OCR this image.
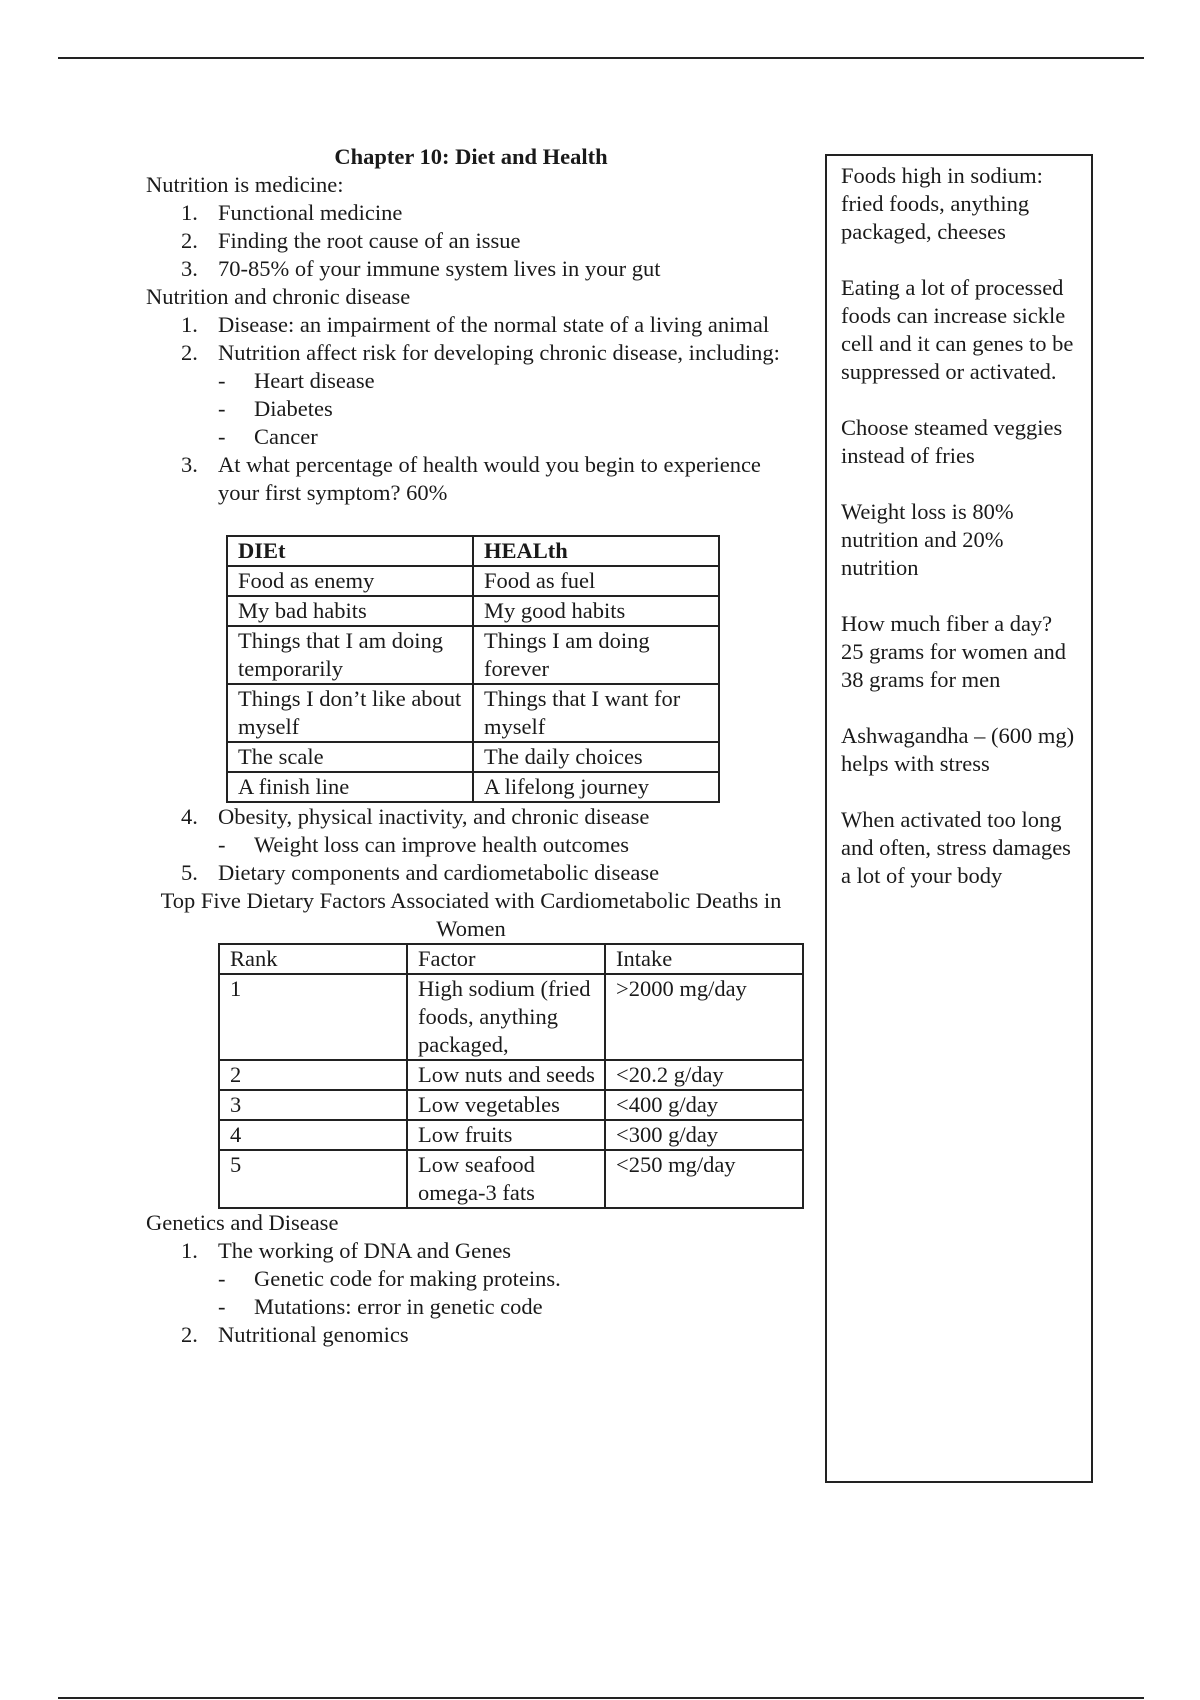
Chapter 10: Diet and Health
Nutrition is medicine:
1. Functional medicine
2. Finding the root cause of an issue
3. 70-85% of your immune system lives in your gut
Nutrition and chronic disease
1. Disease: an impairment of the normal state of a living animal
2. Nutrition affect risk for developing chronic disease, including:
- Heart disease
- Diabetes
- Cancer
3. At what percentage of health would you begin to experience your first symptom? 60%
DIEt	HEALth
Food as enemy	Food as fuel
My bad habits	My good habits
Things that I am doing temporarily	Things I am doing forever
Things I don’t like about myself	Things that I want for myself
The scale	The daily choices
A finish line	A lifelong journey
4. Obesity, physical inactivity, and chronic disease
- Weight loss can improve health outcomes
5. Dietary components and cardiometabolic disease
Top Five Dietary Factors Associated with Cardiometabolic Deaths in Women
Rank	Factor	Intake
1	High sodium (fried foods, anything packaged,	>2000 mg/day
2	Low nuts and seeds	<20.2 g/day
3	Low vegetables	<400 g/day
4	Low fruits	<300 g/day
5	Low seafood omega-3 fats	<250 mg/day
Genetics and Disease
1. The working of DNA and Genes
- Genetic code for making proteins.
- Mutations: error in genetic code
2. Nutritional genomics

Foods high in sodium: fried foods, anything packaged, cheeses

Eating a lot of processed foods can increase sickle cell and it can genes to be suppressed or activated.

Choose steamed veggies instead of fries

Weight loss is 80% nutrition and 20% nutrition

How much fiber a day? 25 grams for women and 38 grams for men

Ashwagandha – (600 mg) helps with stress

When activated too long and often, stress damages a lot of your body
